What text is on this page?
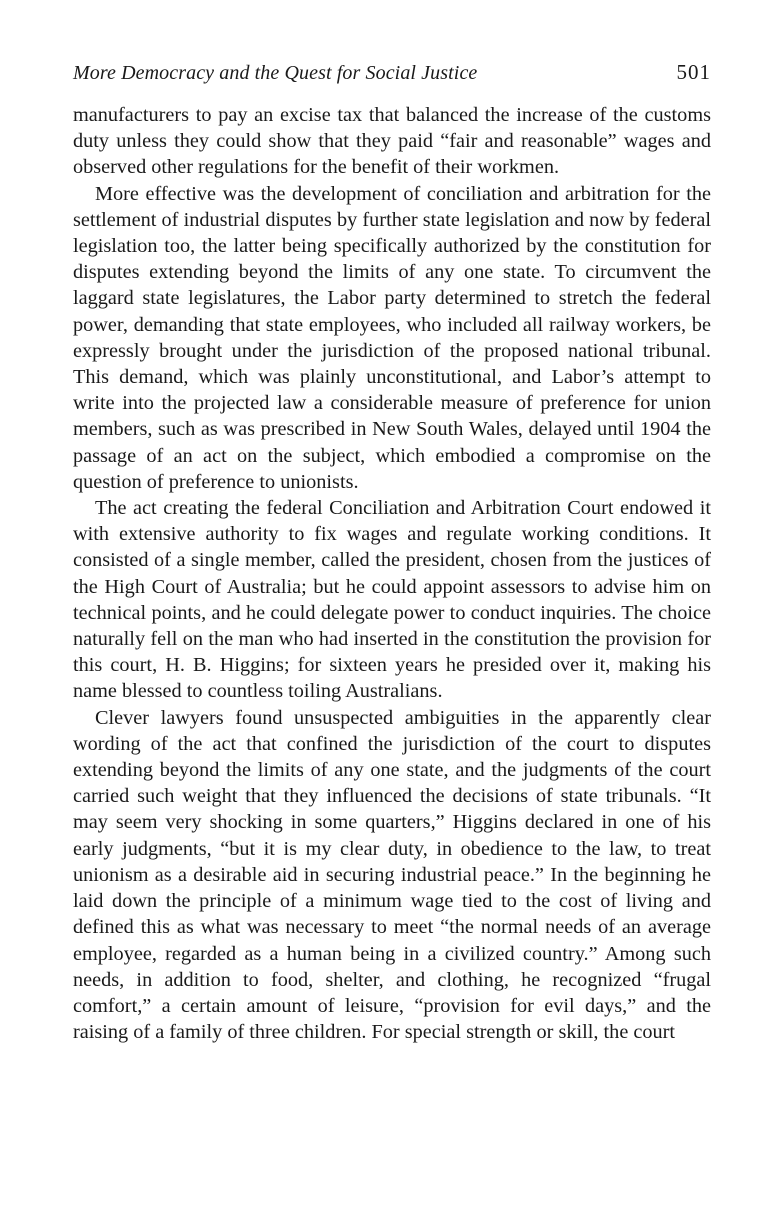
More Democracy and the Quest for Social Justice	501

manufacturers to pay an excise tax that balanced the increase of the customs duty unless they could show that they paid “fair and reasonable” wages and observed other regulations for the benefit of their workmen.

More effective was the development of conciliation and arbitration for the settlement of industrial disputes by further state legislation and now by federal legislation too, the latter being specifically authorized by the constitution for disputes extending beyond the limits of any one state. To circumvent the laggard state legislatures, the Labor party determined to stretch the federal power, demanding that state employees, who included all railway workers, be expressly brought under the jurisdiction of the proposed national tribunal. This demand, which was plainly unconstitutional, and Labor’s attempt to write into the projected law a considerable measure of preference for union members, such as was prescribed in New South Wales, delayed until 1904 the passage of an act on the subject, which embodied a compromise on the question of preference to unionists.

The act creating the federal Conciliation and Arbitration Court endowed it with extensive authority to fix wages and regulate working conditions. It consisted of a single member, called the president, chosen from the justices of the High Court of Australia; but he could appoint assessors to advise him on technical points, and he could delegate power to conduct inquiries. The choice naturally fell on the man who had inserted in the constitution the provision for this court, H. B. Higgins; for sixteen years he presided over it, making his name blessed to countless toiling Australians.

Clever lawyers found unsuspected ambiguities in the apparently clear wording of the act that confined the jurisdiction of the court to disputes extending beyond the limits of any one state, and the judgments of the court carried such weight that they influenced the decisions of state tribunals. “It may seem very shocking in some quarters,” Higgins declared in one of his early judgments, “but it is my clear duty, in obedience to the law, to treat unionism as a desirable aid in securing industrial peace.” In the beginning he laid down the principle of a minimum wage tied to the cost of living and defined this as what was necessary to meet “the normal needs of an average employee, regarded as a human being in a civilized country.” Among such needs, in addition to food, shelter, and clothing, he recognized “frugal comfort,” a certain amount of leisure, “provision for evil days,” and the raising of a family of three children. For special strength or skill, the court
